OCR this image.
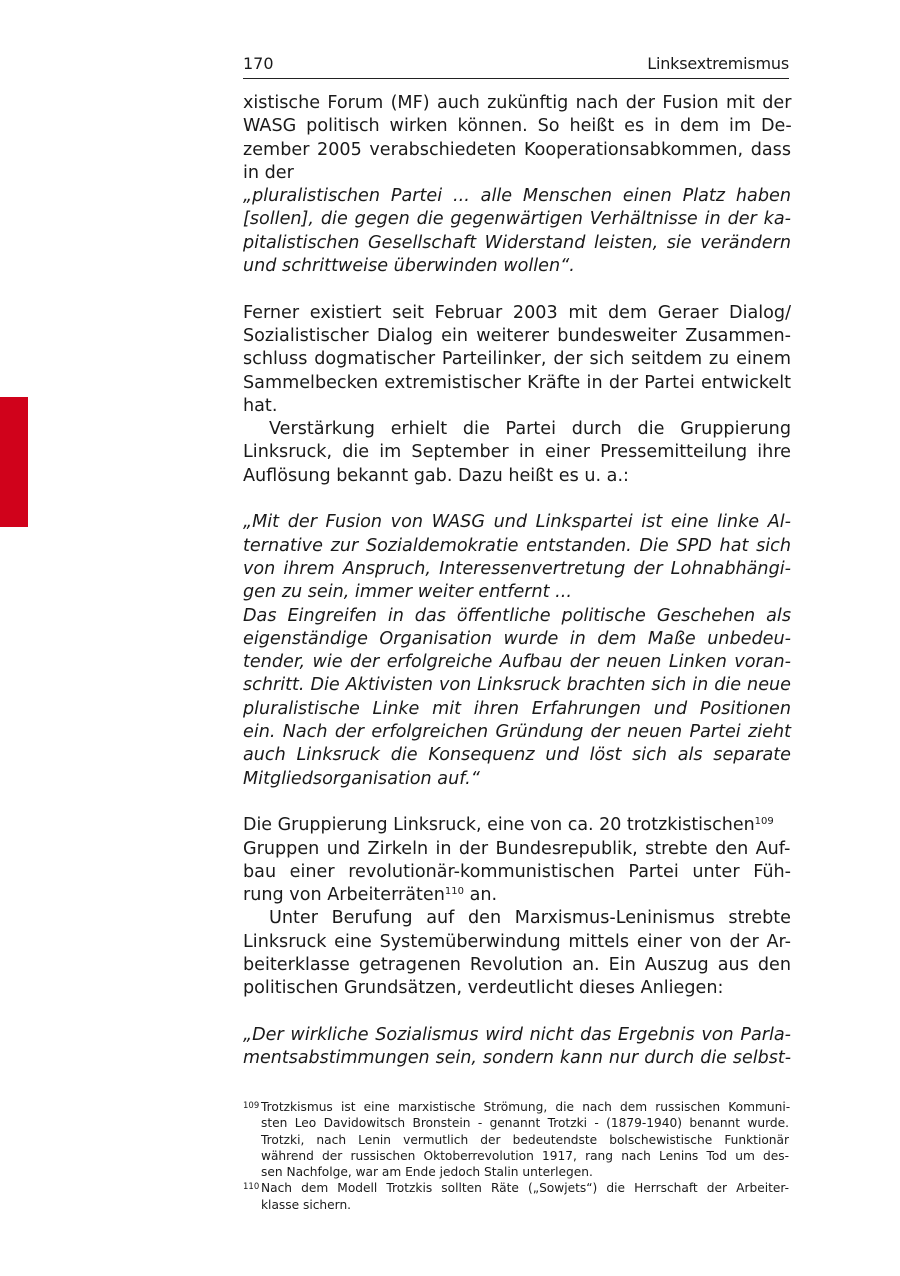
170	Linksextremismus

xistische Forum (MF) auch zukünftig nach der Fusion mit der
WASG politisch wirken können. So heißt es in dem im De-
zember 2005 verabschiedeten Kooperationsabkommen, dass
in der

„pluralistischen Partei ... alle Menschen einen Platz haben
[sollen], die gegen die gegenwärtigen Verhältnisse in der ka-
pitalistischen Gesellschaft Widerstand leisten, sie verändern
und schrittweise überwinden wollen“.

Ferner existiert seit Februar 2003 mit dem Geraer Dialog/
Sozialistischer Dialog ein weiterer bundesweiter Zusammen-
schluss dogmatischer Parteilinker, der sich seitdem zu einem
Sammelbecken extremistischer Kräfte in der Partei entwickelt
hat.

Verstärkung erhielt die Partei durch die Gruppierung
Linksruck, die im September in einer Pressemitteilung ihre
Auflösung bekannt gab. Dazu heißt es u. a.:

„Mit der Fusion von WASG und Linkspartei ist eine linke Al-
ternative zur Sozialdemokratie entstanden. Die SPD hat sich
von ihrem Anspruch, Interessenvertretung der Lohnabhängi-
gen zu sein, immer weiter entfernt ...
Das Eingreifen in das öffentliche politische Geschehen als
eigenständige Organisation wurde in dem Maße unbedeu-
tender, wie der erfolgreiche Aufbau der neuen Linken voran-
schritt. Die Aktivisten von Linksruck brachten sich in die neue
pluralistische Linke mit ihren Erfahrungen und Positionen
ein. Nach der erfolgreichen Gründung der neuen Partei zieht
auch Linksruck die Konsequenz und löst sich als separate
Mitgliedsorganisation auf.“

Die Gruppierung Linksruck, eine von ca. 20 trotzkistischen$^{109}$
Gruppen und Zirkeln in der Bundesrepublik, strebte den Auf-
bau einer revolutionär-kommunistischen Partei unter Füh-
rung von Arbeiterräten$^{110}$ an.

Unter Berufung auf den Marxismus-Leninismus strebte
Linksruck eine Systemüberwindung mittels einer von der Ar-
beiterklasse getragenen Revolution an. Ein Auszug aus den
politischen Grundsätzen, verdeutlicht dieses Anliegen:

„Der wirkliche Sozialismus wird nicht das Ergebnis von Parla-
mentsabstimmungen sein, sondern kann nur durch die selbst-

109 Trotzkismus ist eine marxistische Strömung, die nach dem russischen Kommuni-
sten Leo Davidowitsch Bronstein - genannt Trotzki - (1879-1940) benannt wurde.
Trotzki, nach Lenin vermutlich der bedeutendste bolschewistische Funktionär
während der russischen Oktoberrevolution 1917, rang nach Lenins Tod um des-
sen Nachfolge, war am Ende jedoch Stalin unterlegen.

110 Nach dem Modell Trotzkis sollten Räte („Sowjets“) die Herrschaft der Arbeiter-
klasse sichern.
